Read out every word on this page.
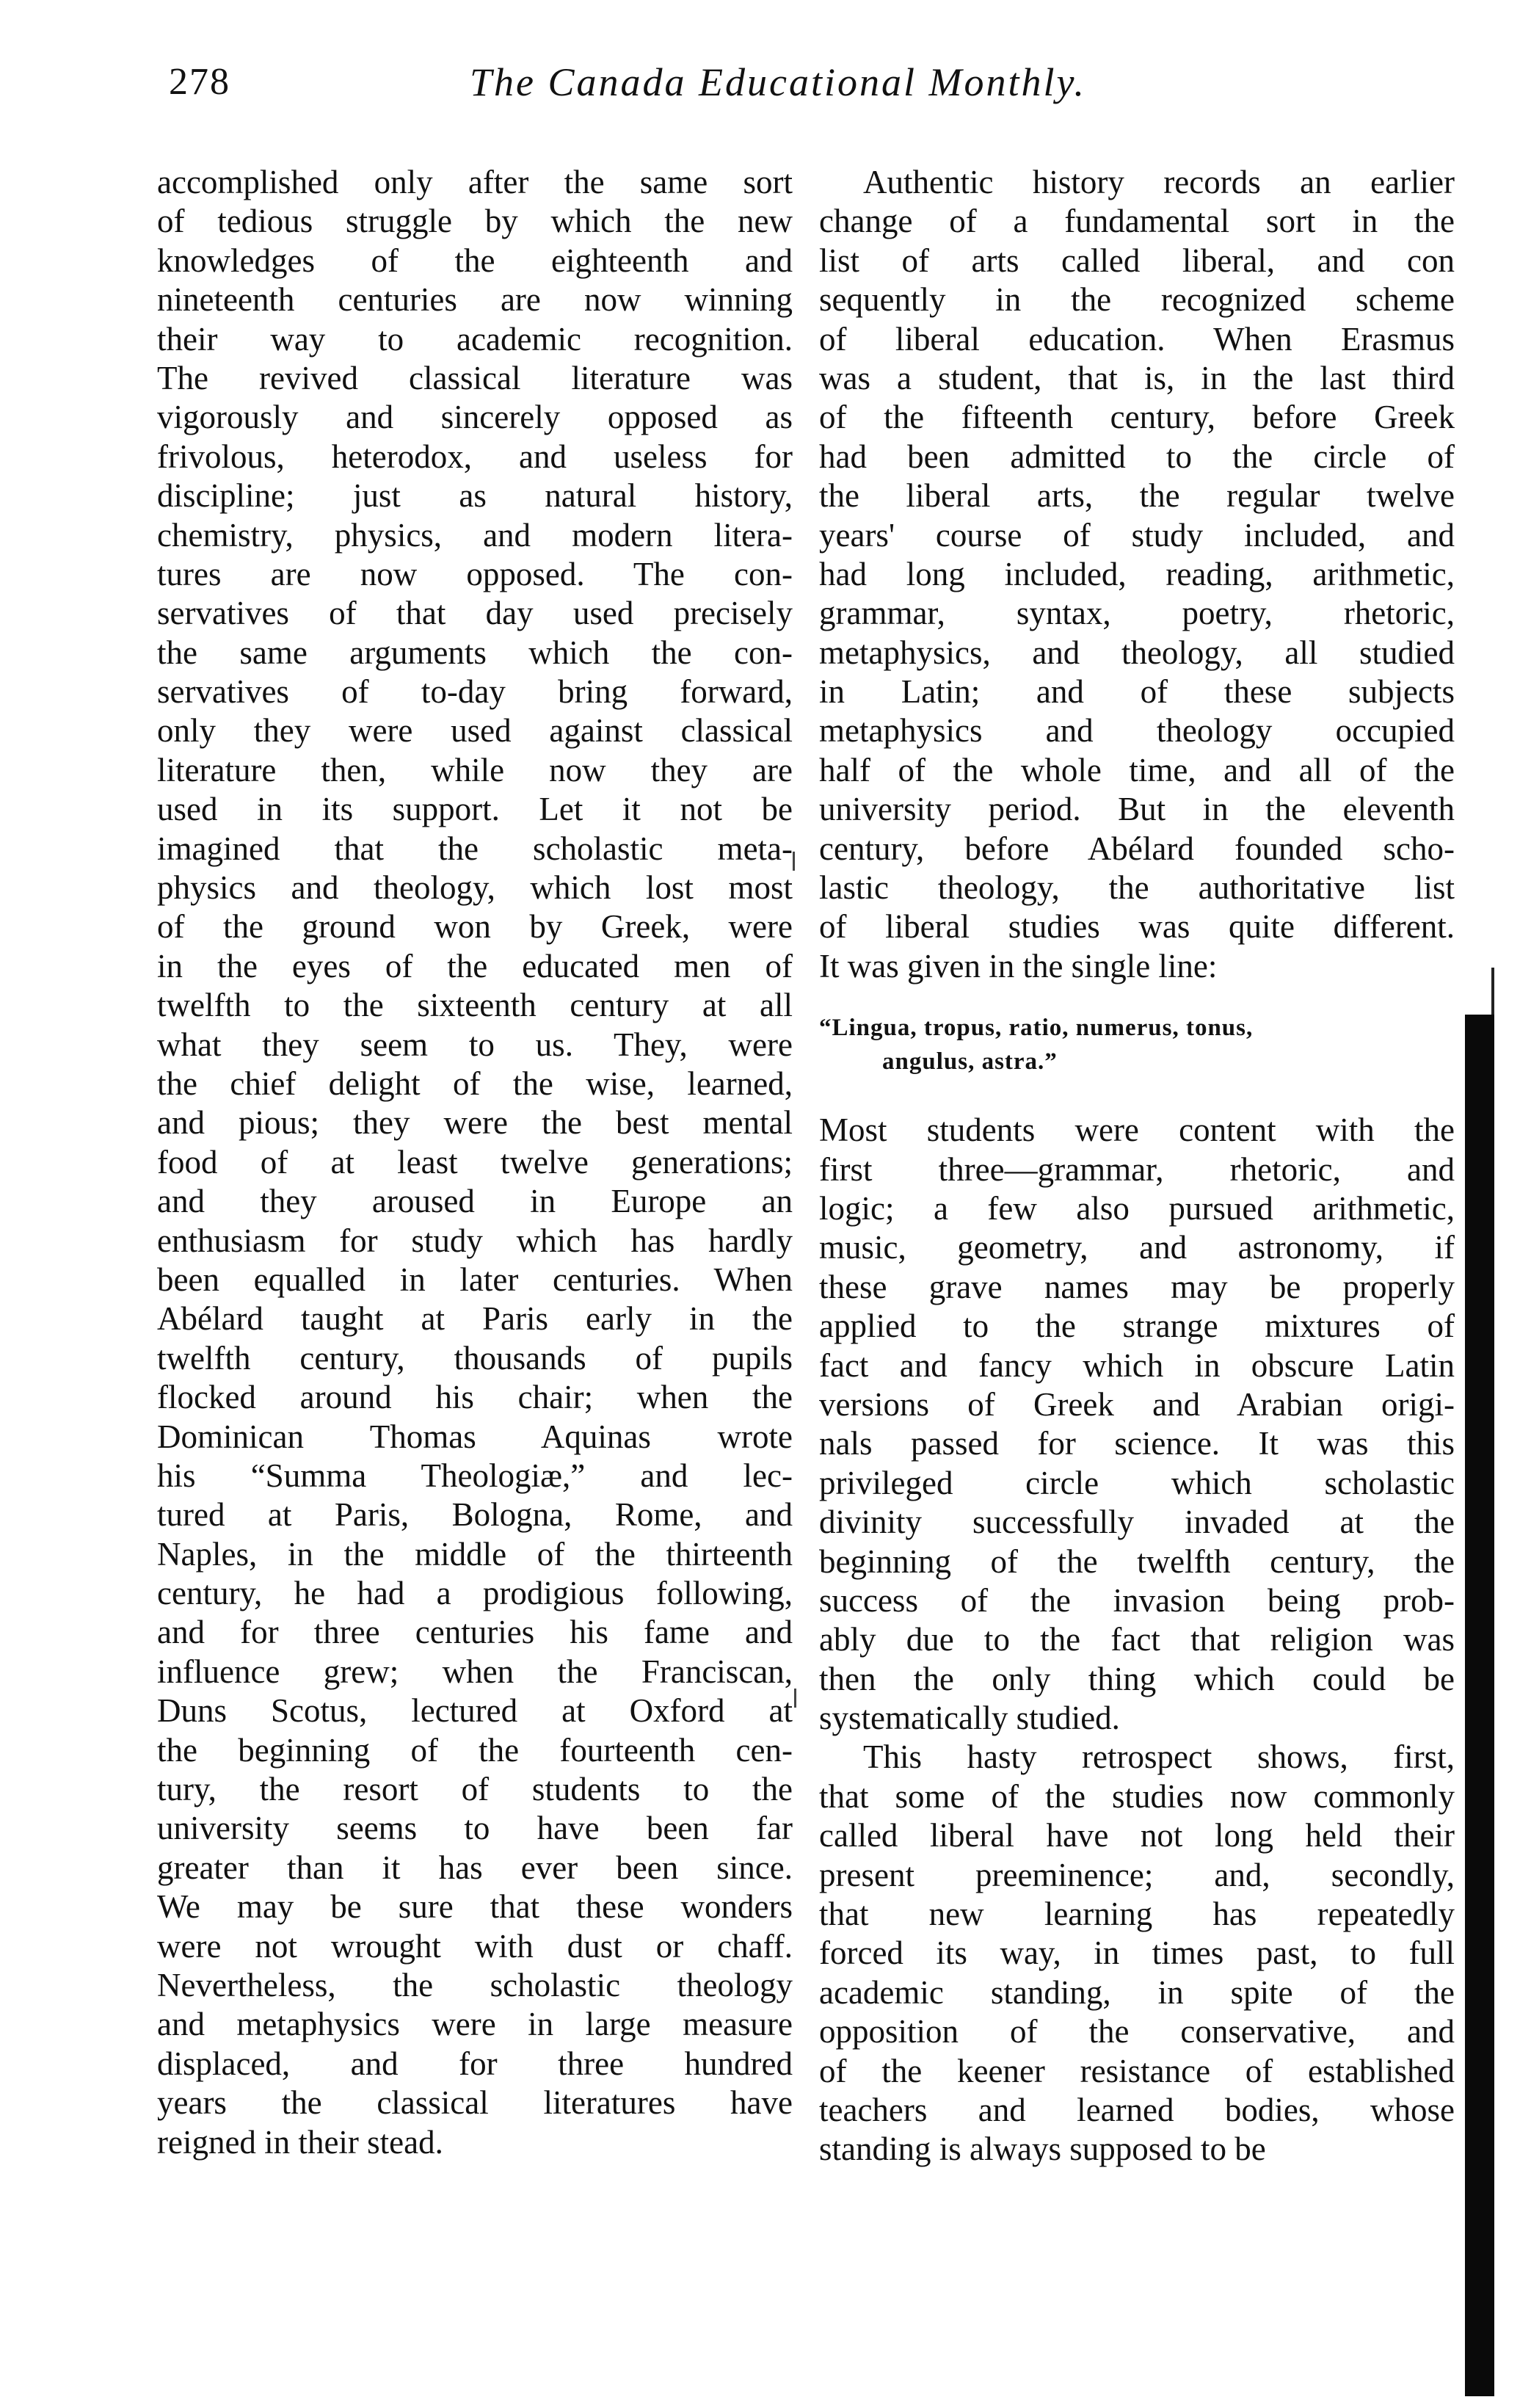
278	The Canada Educational Monthly.
accomplished only after the same sort
of tedious struggle by which the new
knowledges of the eighteenth and
nineteenth centuries are now winning
their way to academic recognition.
The revived classical literature was
vigorously and sincerely opposed as
frivolous, heterodox, and useless for
discipline; just as natural history,
chemistry, physics, and modern litera-
tures are now opposed. The con-
servatives of that day used precisely
the same arguments which the con-
servatives of to-day bring forward,
only they were used against classical
literature then, while now they are
used in its support. Let it not be
imagined that the scholastic meta-
physics and theology, which lost most
of the ground won by Greek, were
in the eyes of the educated men of
twelfth to the sixteenth century at all
what they seem to us. They, were
the chief delight of the wise, learned,
and pious; they were the best mental
food of at least twelve generations;
and they aroused in Europe an
enthusiasm for study which has hardly
been equalled in later centuries. When
Abélard taught at Paris early in the
twelfth century, thousands of pupils
flocked around his chair; when the
Dominican Thomas Aquinas wrote
his “Summa Theologiæ,” and lec-
tured at Paris, Bologna, Rome, and
Naples, in the middle of the thirteenth
century, he had a prodigious following,
and for three centuries his fame and
influence grew; when the Franciscan,
Duns Scotus, lectured at Oxford at
the beginning of the fourteenth cen-
tury, the resort of students to the
university seems to have been far
greater than it has ever been since.
We may be sure that these wonders
were not wrought with dust or chaff.
Nevertheless, the scholastic theology
and metaphysics were in large measure
displaced, and for three hundred
years the classical literatures have
reigned in their stead.
Authentic history records an earlier
change of a fundamental sort in the
list of arts called liberal, and con
sequently in the recognized scheme
of liberal education. When Erasmus
was a student, that is, in the last third
of the fifteenth century, before Greek
had been admitted to the circle of
the liberal arts, the regular twelve
years' course of study included, and
had long included, reading, arithmetic,
grammar, syntax, poetry, rhetoric,
metaphysics, and theology, all studied
in Latin; and of these subjects
metaphysics and theology occupied
half of the whole time, and all of the
university period. But in the eleventh
century, before Abélard founded scho-
lastic theology, the authoritative list
of liberal studies was quite different.
It was given in the single line:
“Lingua, tropus, ratio, numerus, tonus,
angulus, astra.”
Most students were content with the
first three—grammar, rhetoric, and
logic; a few also pursued arithmetic,
music, geometry, and astronomy, if
these grave names may be properly
applied to the strange mixtures of
fact and fancy which in obscure Latin
versions of Greek and Arabian origi-
nals passed for science. It was this
privileged circle which scholastic
divinity successfully invaded at the
beginning of the twelfth century, the
success of the invasion being prob-
ably due to the fact that religion was
then the only thing which could be
systematically studied.
This hasty retrospect shows, first,
that some of the studies now commonly
called liberal have not long held their
present preeminence; and, secondly,
that new learning has repeatedly
forced its way, in times past, to full
academic standing, in spite of the
opposition of the conservative, and
of the keener resistance of established
teachers and learned bodies, whose
standing is always supposed to be
